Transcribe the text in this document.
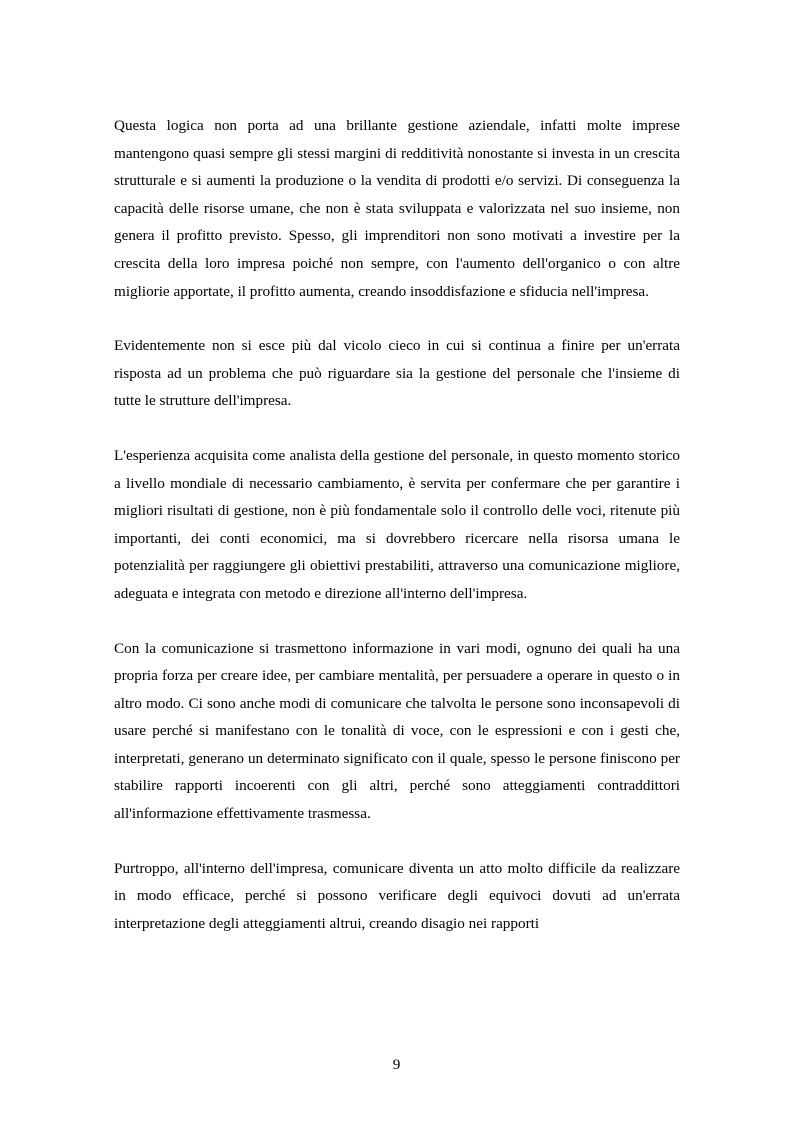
Questa logica non porta ad una brillante gestione aziendale, infatti molte imprese mantengono quasi sempre gli stessi margini di redditività nonostante si investa in un crescita strutturale e si aumenti la produzione o la vendita di prodotti e/o servizi. Di conseguenza la capacità delle risorse umane, che non è stata sviluppata e valorizzata nel suo insieme, non genera il profitto previsto. Spesso, gli imprenditori non sono motivati a investire per la crescita della loro impresa poiché non sempre, con l'aumento dell'organico o con altre migliorie apportate, il profitto aumenta, creando insoddisfazione e sfiducia nell'impresa.

Evidentemente non si esce più dal vicolo cieco in cui si continua a finire per un'errata risposta ad un problema che può riguardare sia la gestione del personale che l'insieme di tutte le strutture dell'impresa.

L'esperienza acquisita come analista della gestione del personale, in questo momento storico a livello mondiale di necessario cambiamento, è servita per confermare che per garantire i migliori risultati di gestione, non è più fondamentale solo il controllo delle voci, ritenute più importanti, dei conti economici, ma si dovrebbero ricercare nella risorsa umana le potenzialità per raggiungere gli obiettivi prestabiliti, attraverso una comunicazione migliore, adeguata e integrata con metodo e direzione all'interno dell'impresa.

Con la comunicazione si trasmettono informazione in vari modi, ognuno dei quali ha una propria forza per creare idee, per cambiare mentalità, per persuadere a operare in questo o in altro modo. Ci sono anche modi di comunicare che talvolta le persone sono inconsapevoli di usare perché si manifestano con le tonalità di voce, con le espressioni e con i gesti che, interpretati, generano un determinato significato con il quale, spesso le persone finiscono per stabilire rapporti incoerenti con gli altri, perché sono atteggiamenti contraddittori all'informazione effettivamente trasmessa.

Purtroppo, all'interno dell'impresa, comunicare diventa un atto molto difficile da realizzare in modo efficace, perché si possono verificare degli equivoci dovuti ad un'errata interpretazione degli atteggiamenti altrui, creando disagio nei rapporti

9
